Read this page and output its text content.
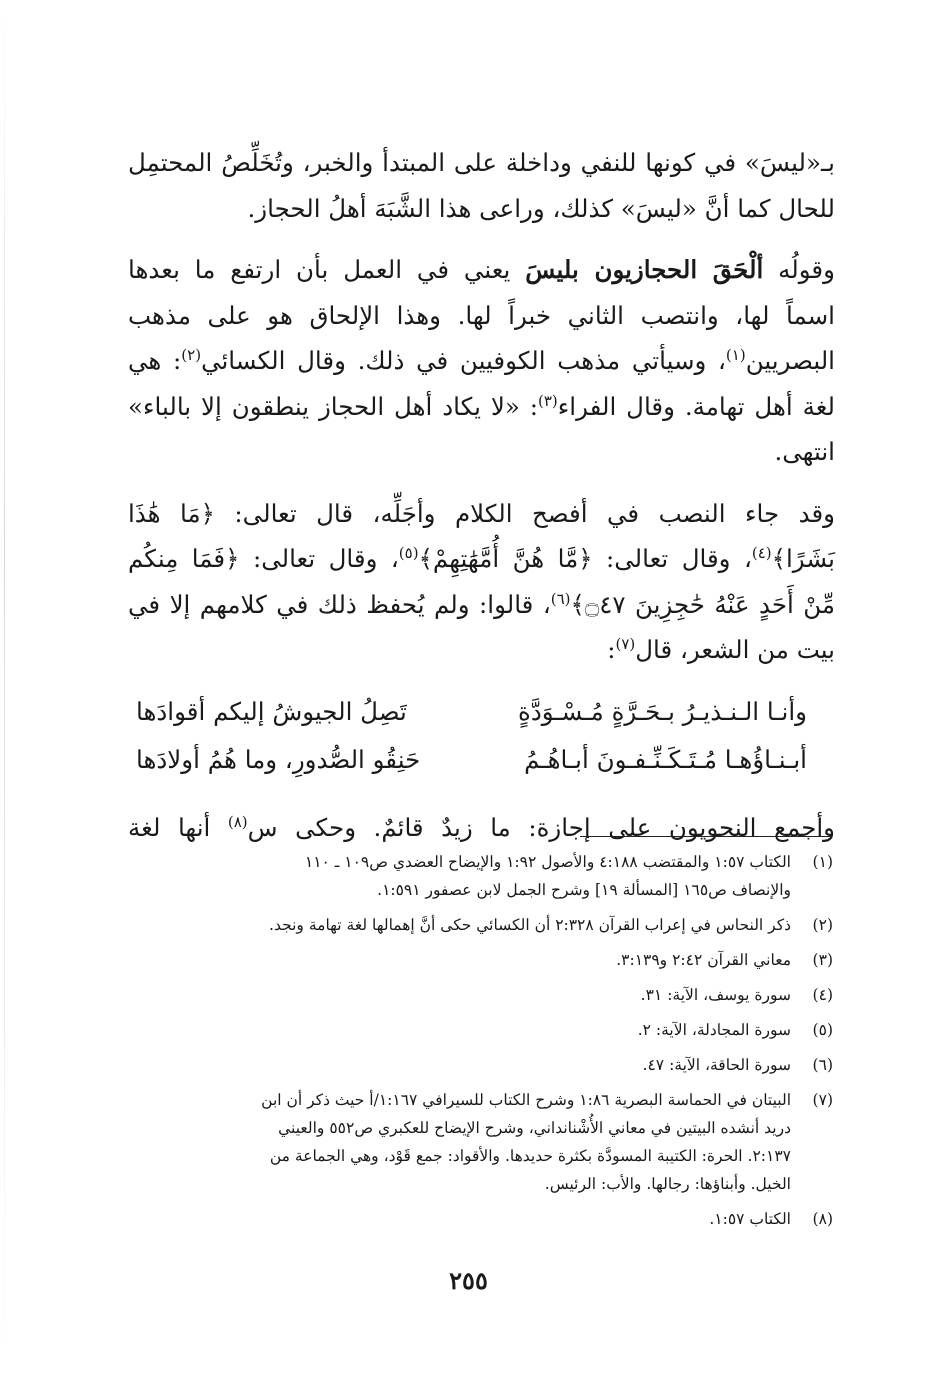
بـ«ليسَ» في كونها للنفي وداخلة على المبتدأ والخبر، وتُخَلِّصُ المحتمِل
للحال كما أنَّ «ليسَ» كذلك، وراعى هذا الشَّبَهَ أهلُ الحجاز.

وقولُه ألْحَقَ الحجازيون بليسَ يعني في العمل بأن ارتفع ما بعدها
اسماً لها، وانتصب الثاني خبراً لها. وهذا الإلحاق هو على مذهب
البصريين$^{(١)}$، وسيأتي مذهب الكوفيين في ذلك. وقال الكسائي$^{(٢)}$: هي
لغة أهل تهامة. وقال الفراء$^{(٣)}$: «لا يكاد أهل الحجاز ينطقون إلا بالباء»
انتهى.

وقد جاء النصب في أفصح الكلام وأجَلِّه، قال تعالى: ﴿مَا هَٰذَا
بَشَرًا﴾$^{(٤)}$، وقال تعالى: ﴿مَّا هُنَّ أُمَّهَٰتِهِمْ﴾$^{(٥)}$، وقال تعالى: ﴿فَمَا مِنكُم
مِّنْ أَحَدٍ عَنْهُ حَٰجِزِينَ ۝٤٧﴾$^{(٦)}$، قالوا: ولم يُحفظ ذلك في كلامهم إلا في
بيت من الشعر، قال$^{(٧)}$:

وأنـا الـنـذيـرُ بـحَـرَّةٍ مُـسْـوَدَّةٍ
تَصِلُ الجيوشُ إليكم أقوادَها
أبـنـاؤُهـا مُـتَـكَـنِّـفـونَ أبـاهُـمُ
حَنِقُو الصُّدورِ، وما هُمُ أولادَها

وأجمع النحويون على إجازة: ما زيدٌ قائمٌ. وحكى س$^{(٨)}$ أنها لغة

(١)
الكتاب ١:٥٧ والمقتضب ٤:١٨٨ والأصول ١:٩٢ والإيضاح العضدي ص١٠٩ ـ ١١٠
والإنصاف ص١٦٥ [المسألة ١٩] وشرح الجمل لابن عصفور ١:٥٩١.
(٢)
ذكر النحاس في إعراب القرآن ٢:٣٢٨ أن الكسائي حكى أنَّ إهمالها لغة تهامة ونجد.
(٣)
معاني القرآن ٢:٤٢ و٣:١٣٩.
(٤)
سورة يوسف، الآية: ٣١.
(٥)
سورة المجادلة، الآية: ٢.
(٦)
سورة الحاقة، الآية: ٤٧.
(٧)
البيتان في الحماسة البصرية ١:٨٦ وشرح الكتاب للسيرافي ١:١٦٧/أ حيث ذكر أن ابن
دريد أنشده البيتين في معاني الأُشْنانداني، وشرح الإيضاح للعكبري ص٥٥٢ والعيني
٢:١٣٧. الحرة: الكتيبة المسودَّة بكثرة حديدها. والأقواد: جمع قَوْد، وهي الجماعة من
الخيل. وأبناؤها: رجالها. والأب: الرئيس.
(٨)
الكتاب ١:٥٧.
٢٥٥
